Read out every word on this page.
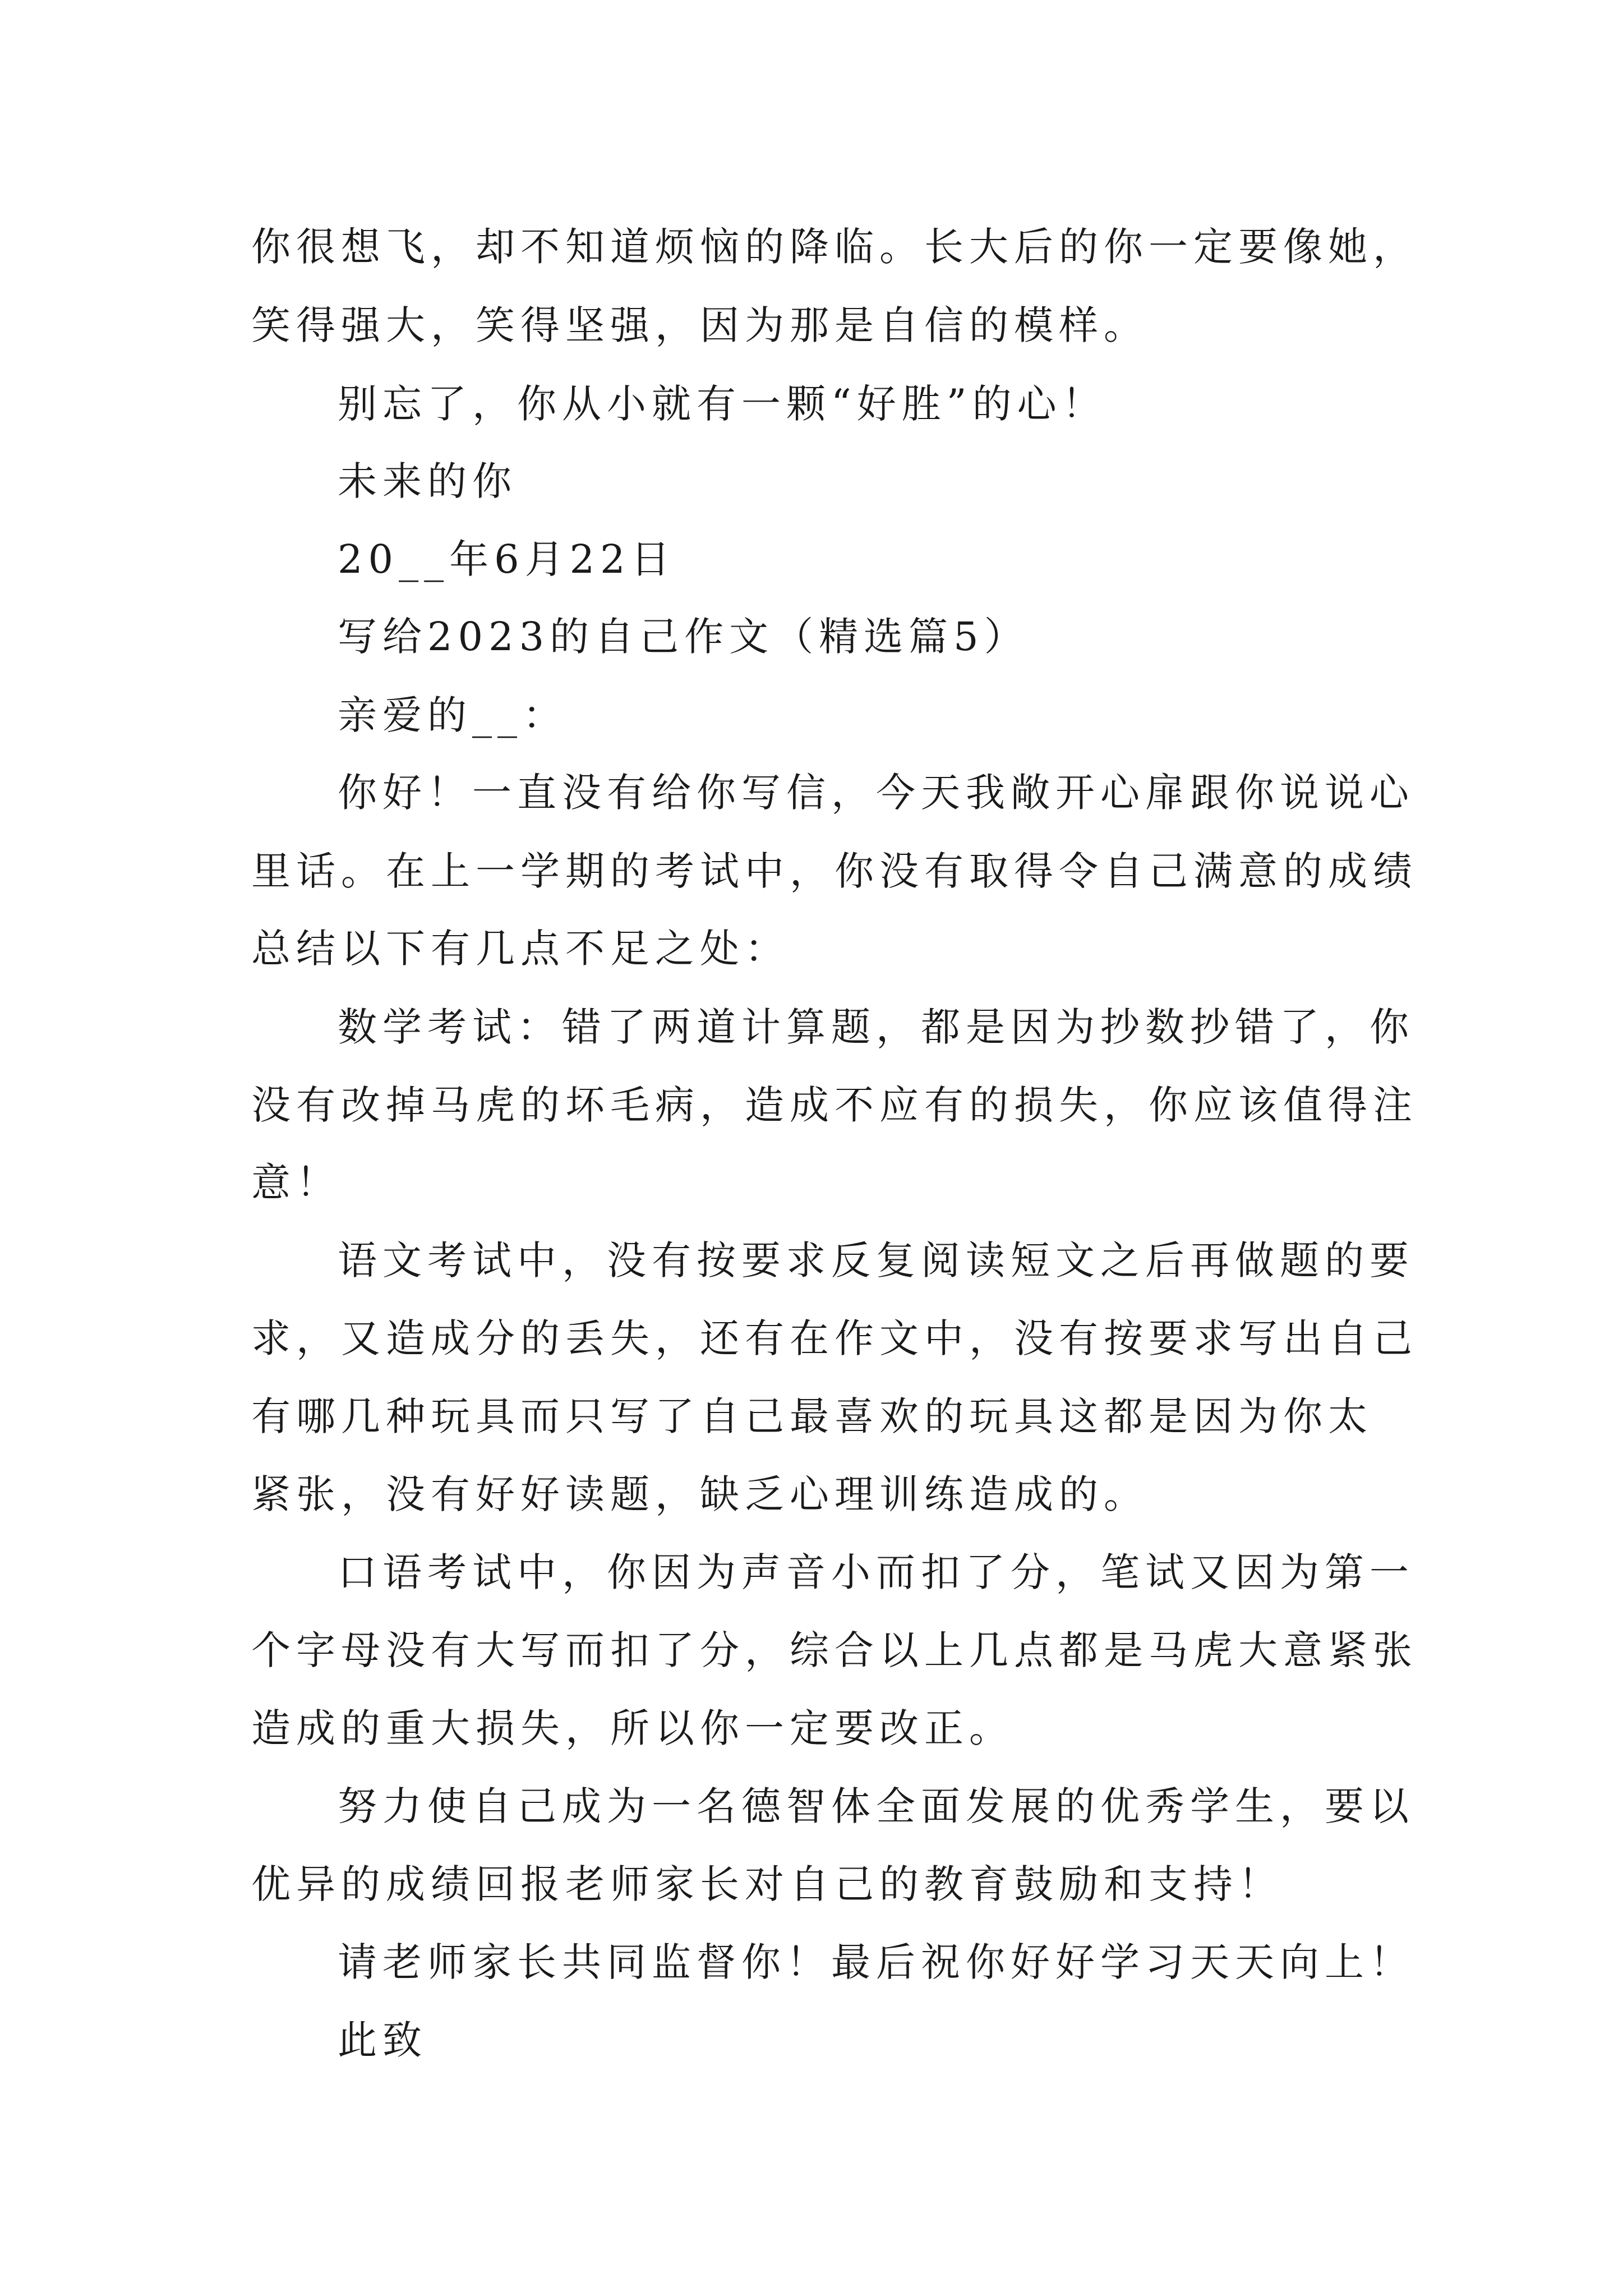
你很想飞，却不知道烦恼的降临。长大后的你一定要像她，
笑得强大，笑得坚强，因为那是自信的模样。
别忘了，你从小就有一颗“好胜”的心！
未来的你
20__年6月22日
写给2023的自己作文（精选篇5）
亲爱的__：
你好！一直没有给你写信，今天我敞开心扉跟你说说心
里话。在上一学期的考试中，你没有取得令自己满意的成绩
总结以下有几点不足之处：
数学考试：错了两道计算题，都是因为抄数抄错了，你
没有改掉马虎的坏毛病，造成不应有的损失，你应该值得注
意！
语文考试中，没有按要求反复阅读短文之后再做题的要
求，又造成分的丢失，还有在作文中，没有按要求写出自己
有哪几种玩具而只写了自己最喜欢的玩具这都是因为你太
紧张，没有好好读题，缺乏心理训练造成的。
口语考试中，你因为声音小而扣了分，笔试又因为第一
个字母没有大写而扣了分，综合以上几点都是马虎大意紧张
造成的重大损失，所以你一定要改正。
努力使自己成为一名德智体全面发展的优秀学生，要以
优异的成绩回报老师家长对自己的教育鼓励和支持！
请老师家长共同监督你！最后祝你好好学习天天向上！
此致
